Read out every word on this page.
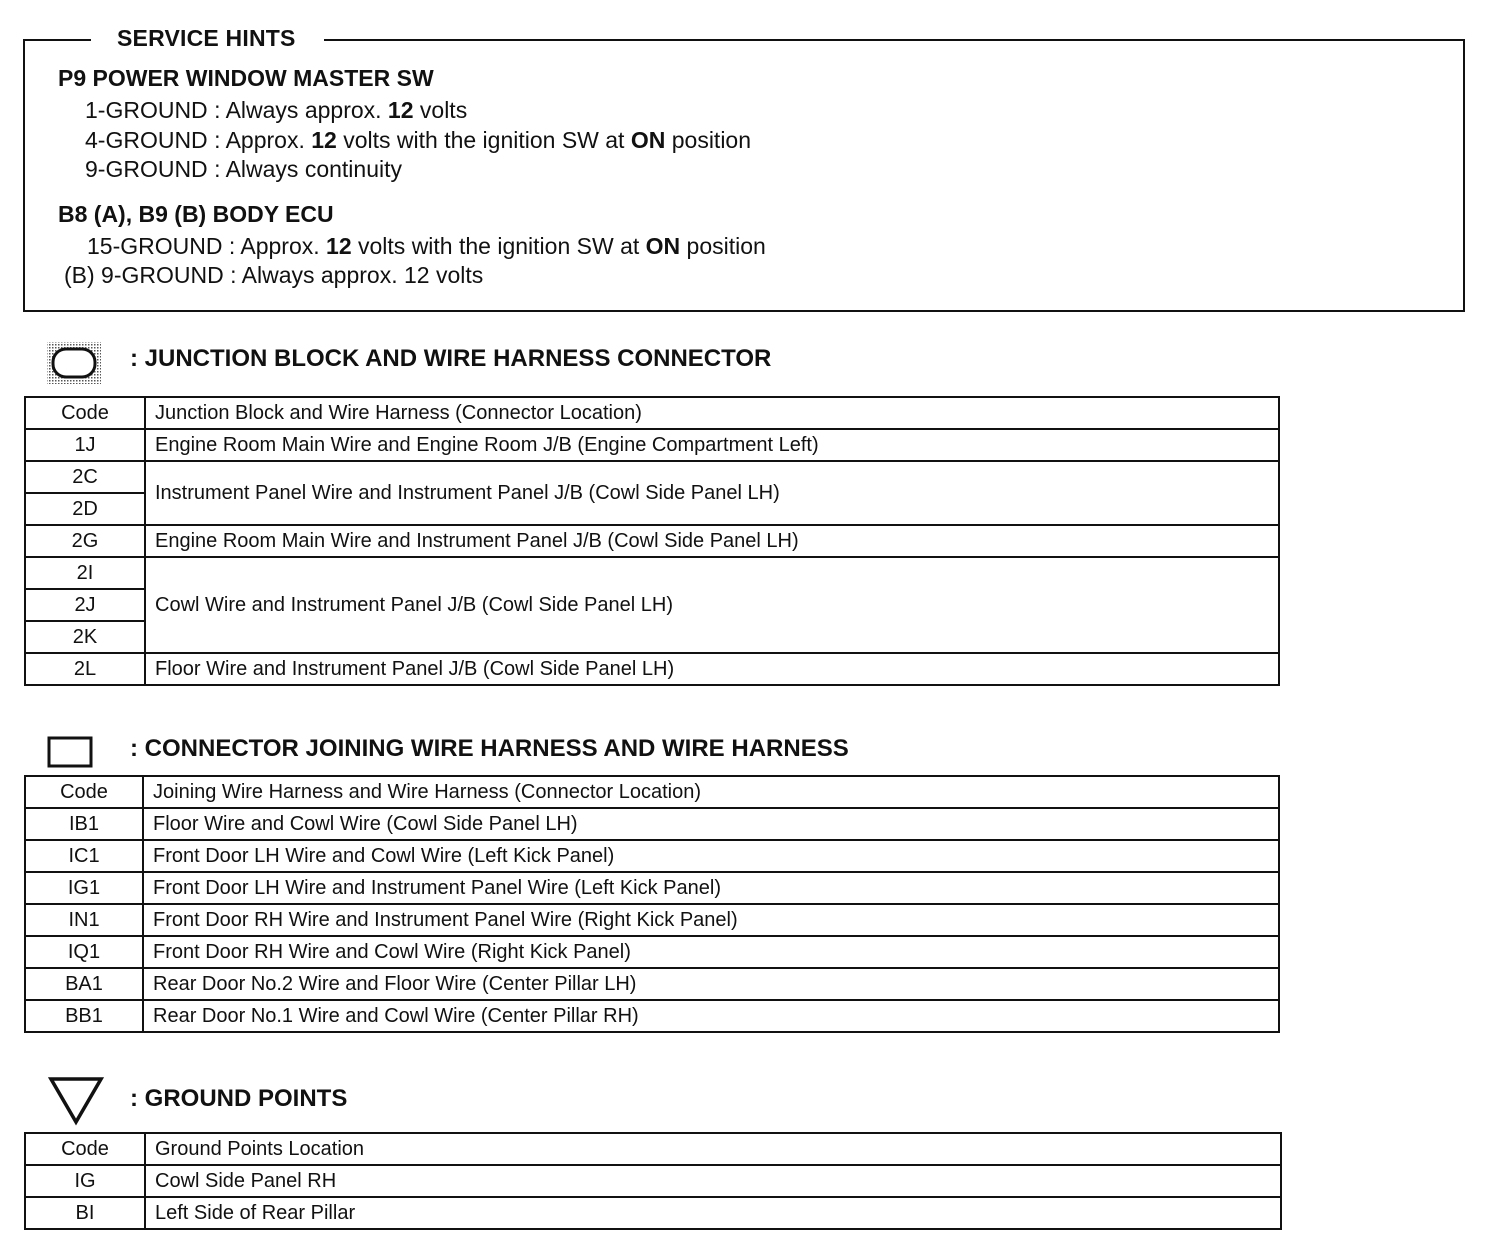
SERVICE HINTS
P9 POWER WINDOW MASTER SW
1-GROUND : Always approx. 12 volts
4-GROUND : Approx. 12 volts with the ignition SW at ON position
9-GROUND : Always continuity
B8 (A), B9 (B) BODY ECU
15-GROUND : Approx. 12 volts with the ignition SW at ON position
(B) 9-GROUND : Always approx. 12 volts
: JUNCTION BLOCK AND WIRE HARNESS CONNECTOR
Code	Junction Block and Wire Harness (Connector Location)
1J	Engine Room Main Wire and Engine Room J/B (Engine Compartment Left)
2C	Instrument Panel Wire and Instrument Panel J/B (Cowl Side Panel LH)
2D	
2G	Engine Room Main Wire and Instrument Panel J/B (Cowl Side Panel LH)
2I	Cowl Wire and Instrument Panel J/B (Cowl Side Panel LH)
2J	
2K	
2L	Floor Wire and Instrument Panel J/B (Cowl Side Panel LH)
: CONNECTOR JOINING WIRE HARNESS AND WIRE HARNESS
Code	Joining Wire Harness and Wire Harness (Connector Location)
IB1	Floor Wire and Cowl Wire (Cowl Side Panel LH)
IC1	Front Door LH Wire and Cowl Wire (Left Kick Panel)
IG1	Front Door LH Wire and Instrument Panel Wire (Left Kick Panel)
IN1	Front Door RH Wire and Instrument Panel Wire (Right Kick Panel)
IQ1	Front Door RH Wire and Cowl Wire (Right Kick Panel)
BA1	Rear Door No.2 Wire and Floor Wire (Center Pillar LH)
BB1	Rear Door No.1 Wire and Cowl Wire (Center Pillar RH)
: GROUND POINTS
Code	Ground Points Location
IG	Cowl Side Panel RH
BI	Left Side of Rear Pillar
